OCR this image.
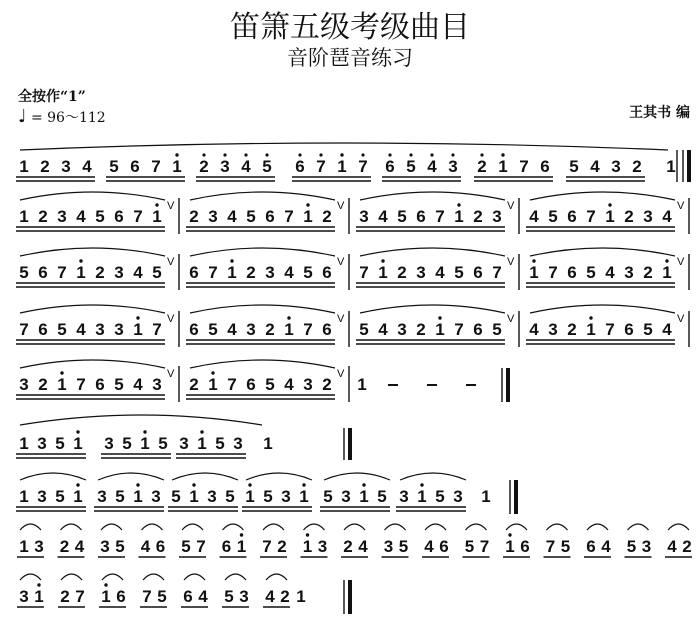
笛箫五级考级曲目
音阶琶音练习
全按作“1”
♩ = 96～112	王其书 编
1 2 3 4 5 6 7 1 2 3 4 5 6 7 1 7 6 5 4 3 2 1 7 6 5 4 3 2 1
1 2 3 4 5 6 7 1
V
2 3 4 5 6 7 1 2
V
3 4 5 6 7 1 2 3
V
4 5 6 7 1 2 3 4
V
5 6 7 1 2 3 4 5
V
6 7 1 2 3 4 5 6
V
7 1 2 3 4 5 6 7
V
1 7 6 5 4 3 2 1
V
7 6 5 4 3 3 1 7
V
6 5 4 3 2 1 7 6
V
5 4 3 2 1 7 6 5
V
4 3 2 1 7 6 5 4
V
3 2 1 7 6 5 4 3
V
2 1 7 6 5 4 3 2
V
1
1 3 5 1 3 5 1 5 3 1 5 3 1
1 3 5 1 3 5 1 3 5 1 3 5 1 5 3 1 5 3 1 5 3 1 5 3 1
1 3 2 4 3 5 4 6 5 7 6 1 7 2 1 3 2 4 3 5 4 6 5 7 1 6 7 5 6 4 5 3 4 2
3 1 2 7 1 6 7 5 6 4 5 3 4 2 1
